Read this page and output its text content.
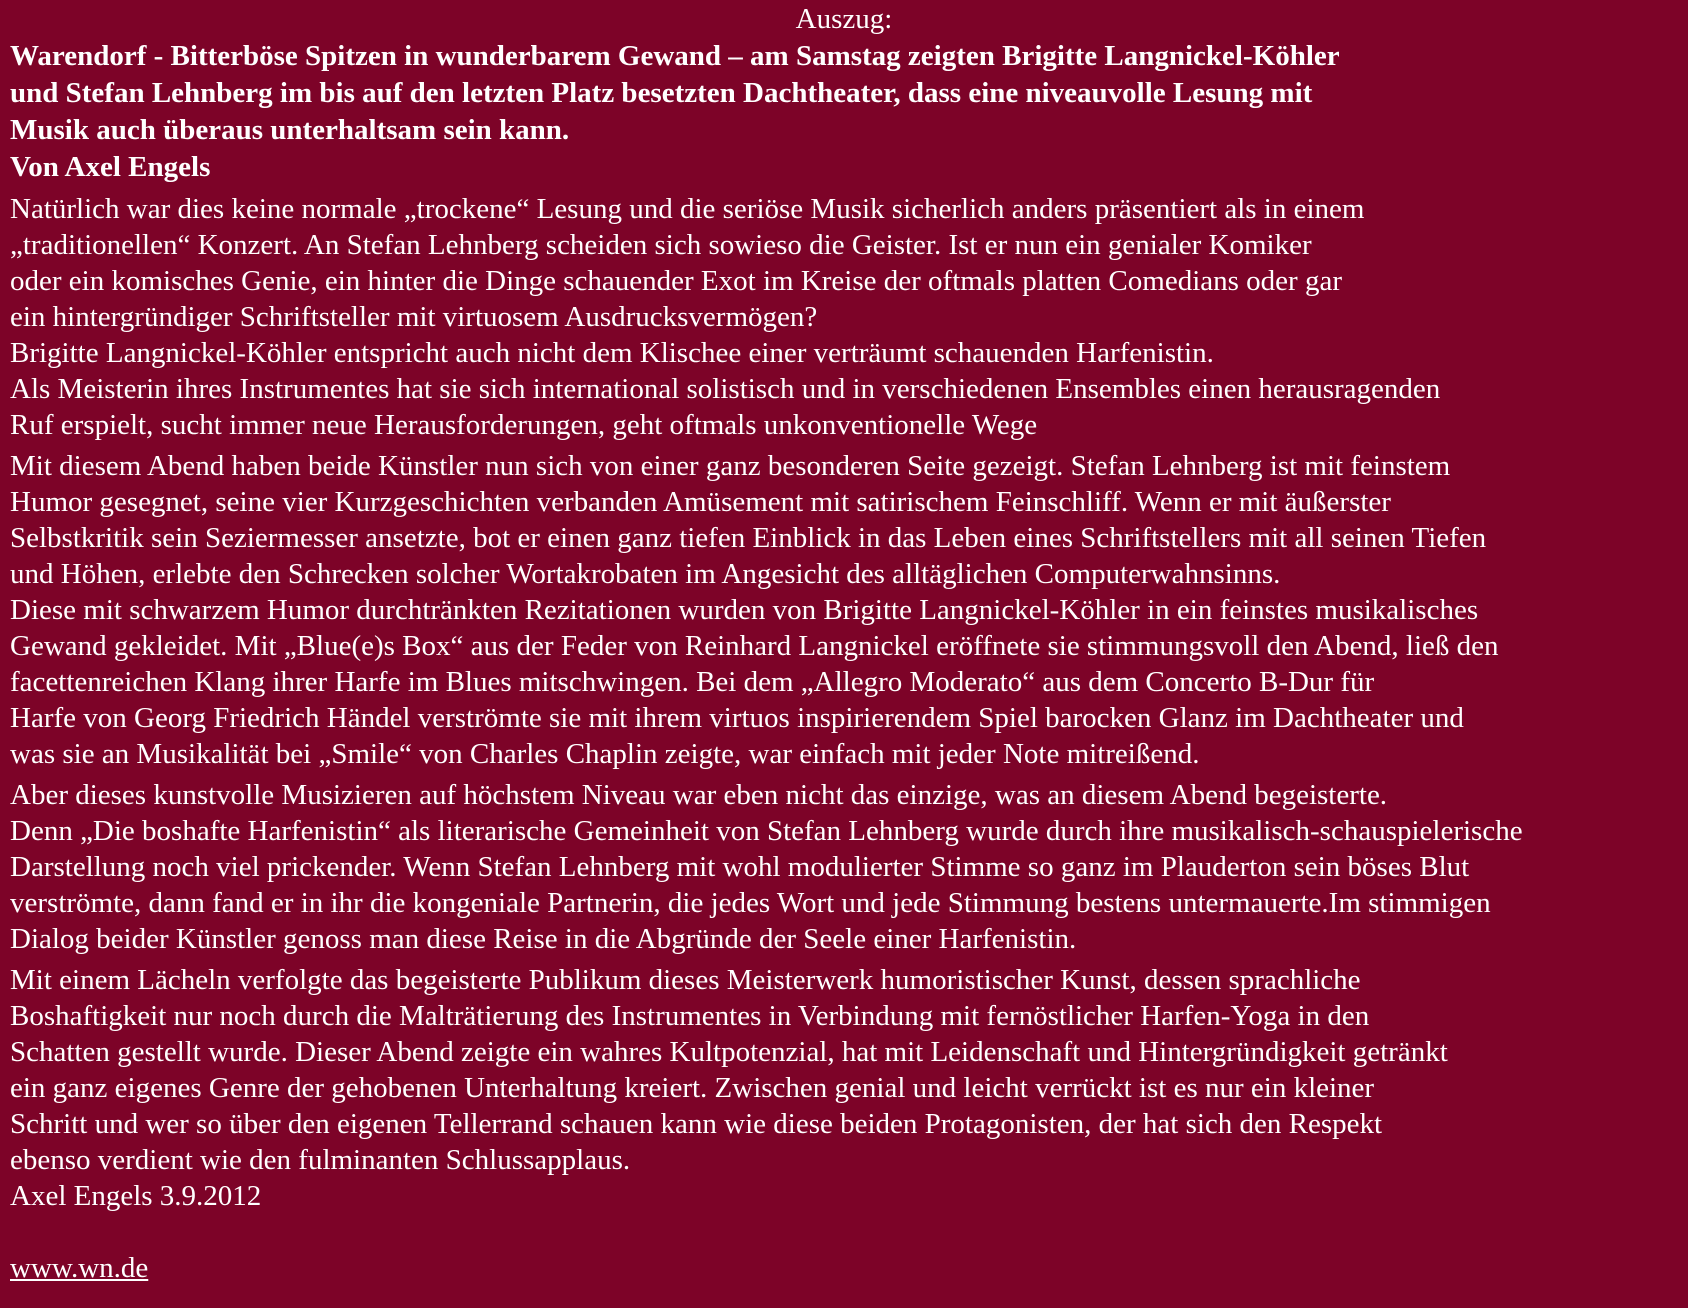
Auszug:

Warendorf - Bitterböse Spitzen in wunderbarem Gewand – am Samstag zeigten Brigitte Langnickel-Köhler
und Stefan Lehnberg im bis auf den letzten Platz besetzten Dachtheater, dass eine niveauvolle Lesung mit
Musik auch überaus unterhaltsam sein kann.
Von Axel Engels
Natürlich war dies keine normale „trockene“ Lesung und die seriöse Musik sicherlich anders präsentiert als in einem
„traditionellen“ Konzert. An Stefan Lehnberg scheiden sich sowieso die Geister. Ist er nun ein genialer Komiker
oder ein komisches Genie, ein hinter die Dinge schauender Exot im Kreise der oftmals platten Comedians oder gar
ein hintergründiger Schriftsteller mit virtuosem Ausdrucksvermögen?
Brigitte Langnickel-Köhler entspricht auch nicht dem Klischee einer verträumt schauenden Harfenistin.
Als Meisterin ihres Instrumentes hat sie sich international solistisch und in verschiedenen Ensembles einen herausragenden
Ruf erspielt, sucht immer neue Herausforderungen, geht oftmals unkonventionelle Wege
Mit diesem Abend haben beide Künstler nun sich von einer ganz besonderen Seite gezeigt. Stefan Lehnberg ist mit feinstem
Humor gesegnet, seine vier Kurzgeschichten verbanden Amüsement mit satirischem Feinschliff. Wenn er mit äußerster
Selbstkritik sein Seziermesser ansetzte, bot er einen ganz tiefen Einblick in das Leben eines Schriftstellers mit all seinen Tiefen
und Höhen, erlebte den Schrecken solcher Wortakrobaten im Angesicht des alltäglichen Computerwahnsinns.
Diese mit schwarzem Humor durchtränkten Rezitationen wurden von Brigitte Langnickel-Köhler in ein feinstes musikalisches
Gewand gekleidet. Mit „Blue(e)s Box“ aus der Feder von Reinhard Langnickel eröffnete sie stimmungsvoll den Abend, ließ den
facettenreichen Klang ihrer Harfe im Blues mitschwingen. Bei dem „Allegro Moderato“ aus dem Concerto B-Dur für
Harfe von Georg Friedrich Händel verströmte sie mit ihrem virtuos inspirierendem Spiel barocken Glanz im Dachtheater und
was sie an Musikalität bei „Smile“ von Charles Chaplin zeigte, war einfach mit jeder Note mitreißend.
Aber dieses kunstvolle Musizieren auf höchstem Niveau war eben nicht das einzige, was an diesem Abend begeisterte.
Denn „Die boshafte Harfenistin“ als literarische Gemeinheit von Stefan Lehnberg wurde durch ihre musikalisch-schauspielerische
Darstellung noch viel prickender. Wenn Stefan Lehnberg mit wohl modulierter Stimme so ganz im Plauderton sein böses Blut
verströmte, dann fand er in ihr die kongeniale Partnerin, die jedes Wort und jede Stimmung bestens untermauerte.Im stimmigen
Dialog beider Künstler genoss man diese Reise in die Abgründe der Seele einer Harfenistin.
Mit einem Lächeln verfolgte das begeisterte Publikum dieses Meisterwerk humoristischer Kunst, dessen sprachliche
Boshaftigkeit nur noch durch die Malträtierung des Instrumentes in Verbindung mit fernöstlicher Harfen-Yoga in den
Schatten gestellt wurde. Dieser Abend zeigte ein wahres Kultpotenzial, hat mit Leidenschaft und Hintergründigkeit getränkt
ein ganz eigenes Genre der gehobenen Unterhaltung kreiert. Zwischen genial und leicht verrückt ist es nur ein kleiner
Schritt und wer so über den eigenen Tellerrand schauen kann wie diese beiden Protagonisten, der hat sich den Respekt
ebenso verdient wie den fulminanten Schlussapplaus.
Axel Engels 3.9.2012
www.wn.de
